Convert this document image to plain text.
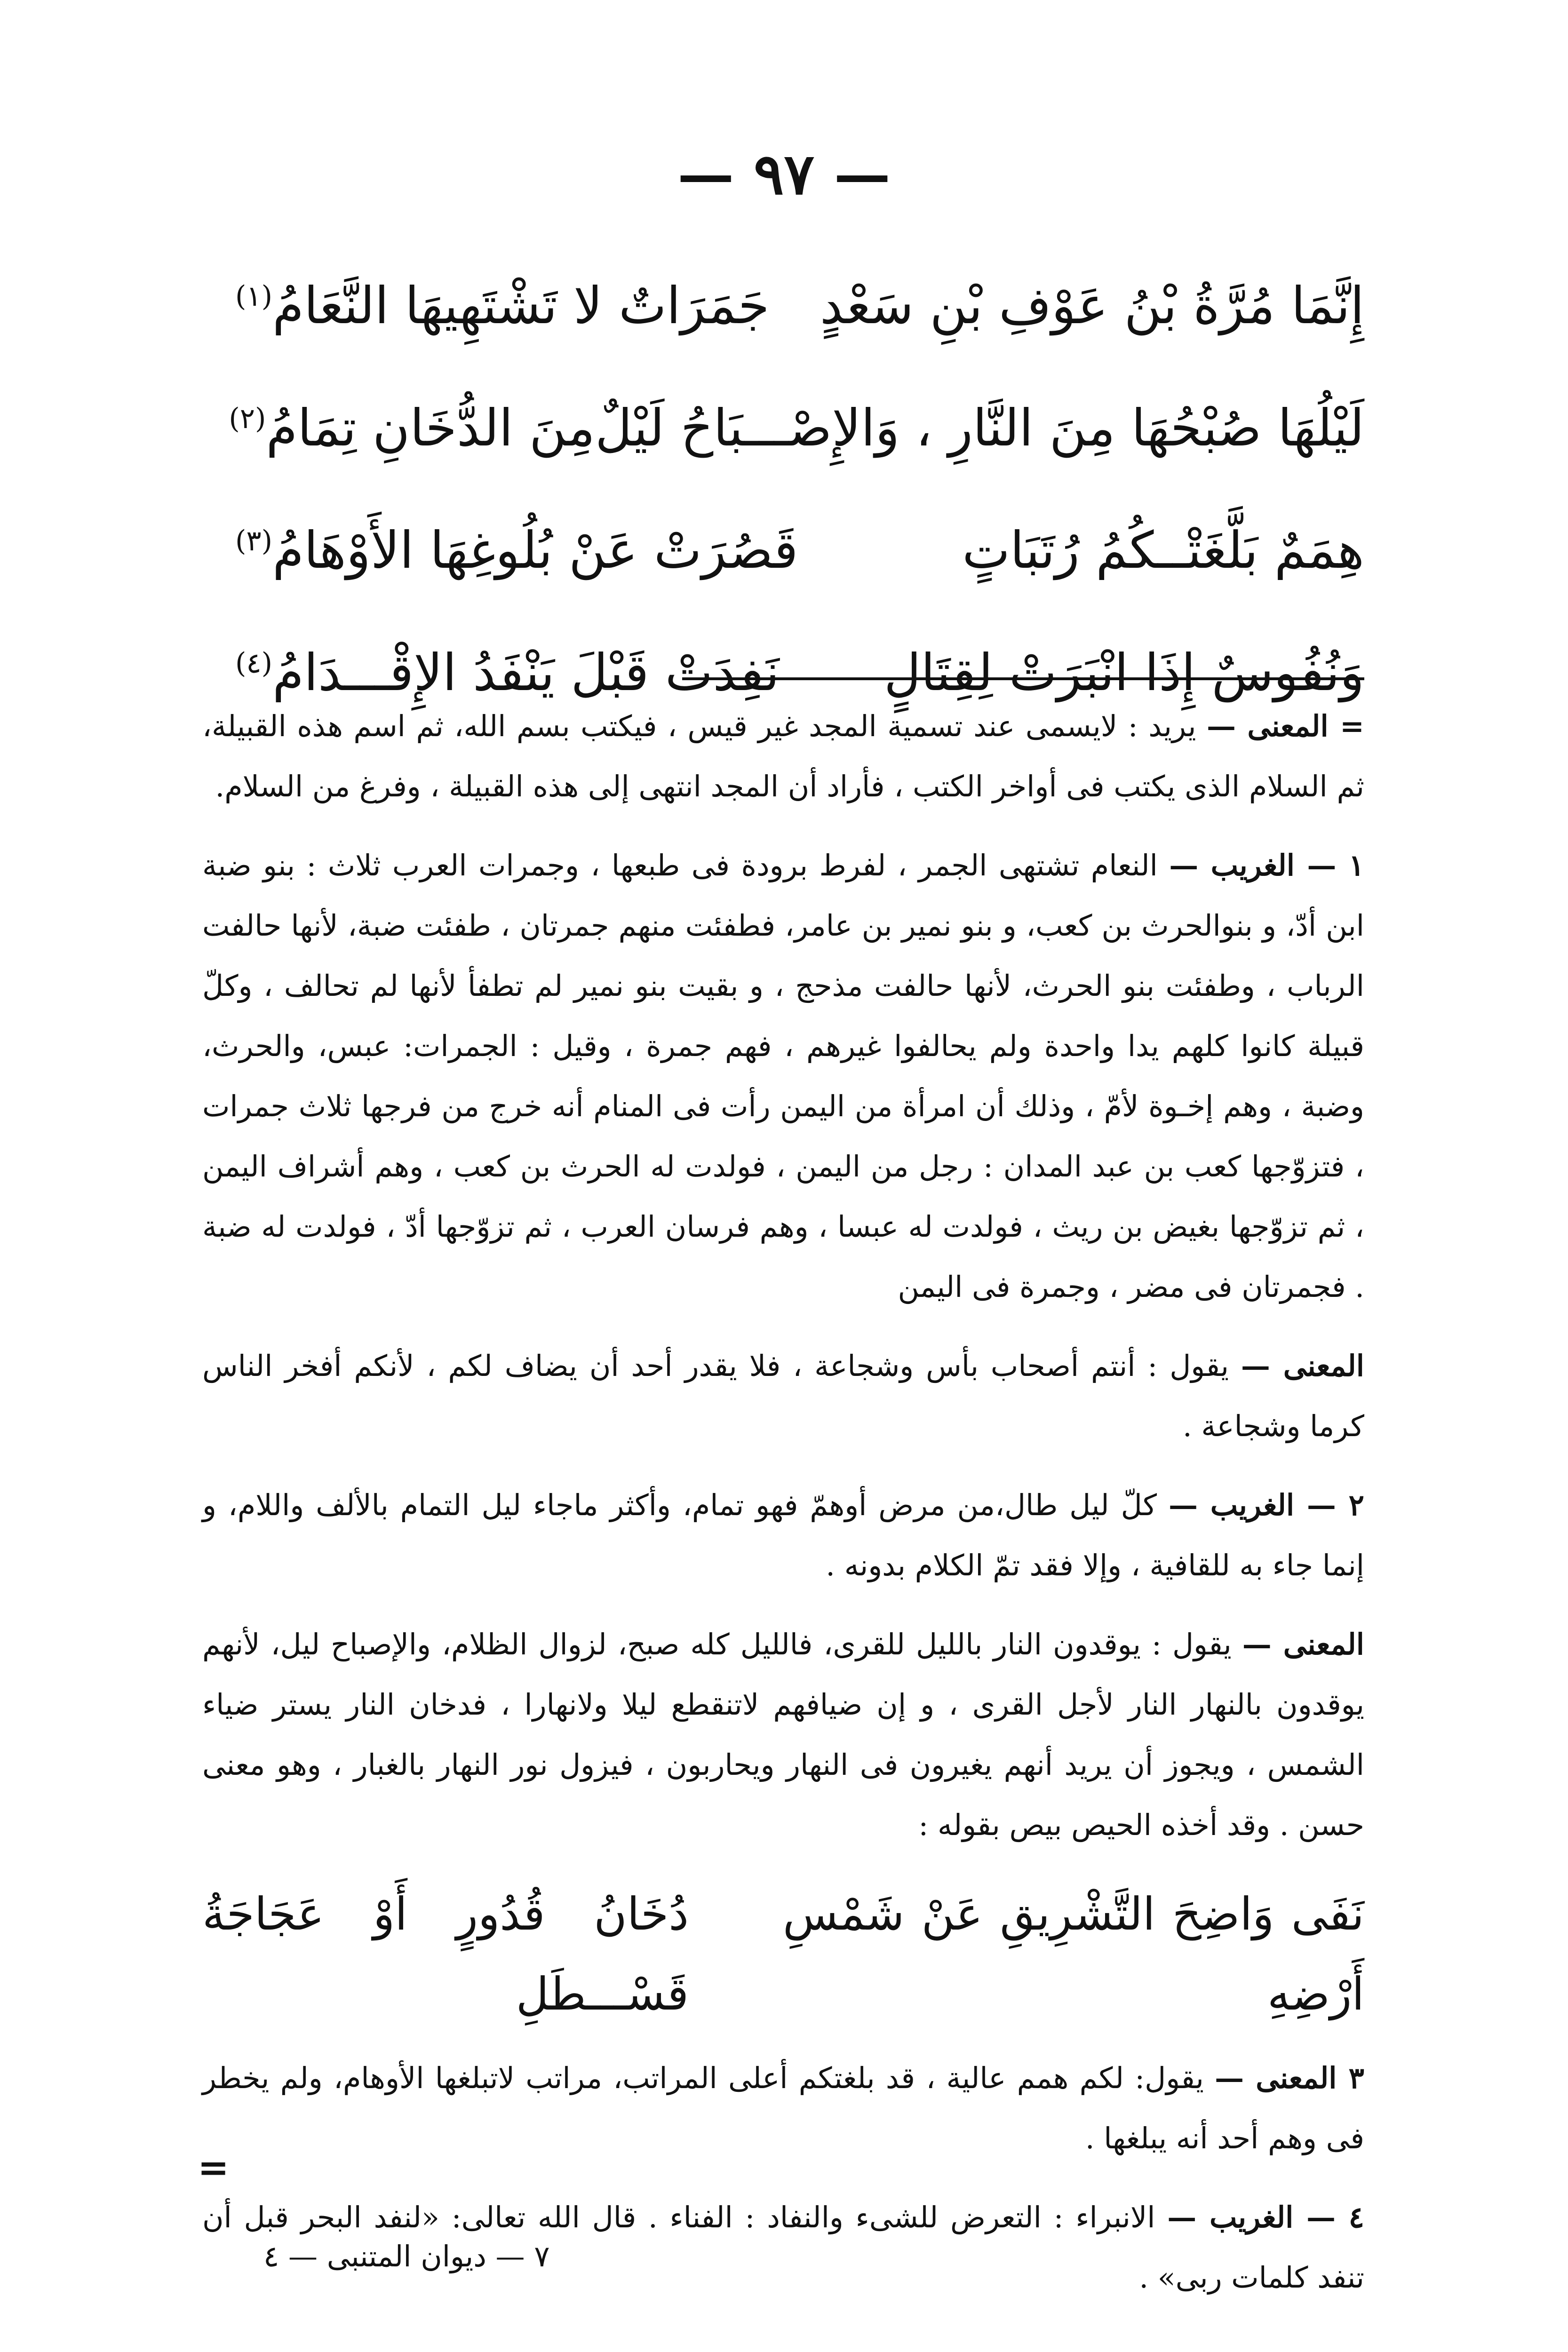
— ٩٧ —
إِنَّمَا مُرَّةُ بْنُ عَوْفِ بْنِ سَعْدٍ
جَمَرَاتٌ لا تَشْتَهِيهَا النَّعَامُ$^{(١)}$
لَيْلُهَا صُبْحُهَا مِنَ النَّارِ ، وَالإِصْـــبَاحُ لَيْلٌ
مِنَ الدُّخَانِ تِمَامُ$^{(٢)}$
هِمَمٌ بَلَّغَتْــكُمُ رُتَبَاتٍ
قَصُرَتْ عَنْ بُلُوغِهَا الأَوْهَامُ$^{(٣)}$
وَنُفُوسٌ إِذَا انْبَرَتْ لِقِتَالٍ
نَفِدَتْ قَبْلَ يَنْفَدُ الإِقْـــدَامُ$^{(٤)}$

= المعنى — يريد : لايسمى عند تسمية المجد غير قيس ، فيكتب بسم الله، ثم اسم هذه القبيلة، ثم السلام الذى يكتب فى أواخر الكتب ، فأراد أن المجد انتهى إلى هذه القبيلة ، وفرغ من السلام.

١ — الغريب — النعام تشتهى الجمر ، لفرط برودة فى طبعها ، وجمرات العرب ثلاث : بنو ضبة ابن أدّ، و بنوالحرث بن كعب، و بنو نمير بن عامر، فطفئت منهم جمرتان ، طفئت ضبة، لأنها حالفت الرباب ، وطفئت بنو الحرث، لأنها حالفت مذحج ، و بقيت بنو نمير لم تطفأ لأنها لم تحالف ، وكلّ قبيلة كانوا كلهم يدا واحدة ولم يحالفوا غيرهم ، فهم جمرة ، وقيل : الجمرات: عبس، والحرث، وضبة ، وهم إخـوة لأمّ ، وذلك أن امرأة من اليمن رأت فى المنام أنه خرج من فرجها ثلاث جمرات ، فتزوّجها كعب بن عبد المدان : رجل من اليمن ، فولدت له الحرث بن كعب ، وهم أشراف اليمن ، ثم تزوّجها بغيض بن ريث ، فولدت له عبسا ، وهم فرسان العرب ، ثم تزوّجها أدّ ، فولدت له ضبة . فجمرتان فى مضر ، وجمرة فى اليمن

المعنى — يقول : أنتم أصحاب بأس وشجاعة ، فلا يقدر أحد أن يضاف لكم ، لأنكم أفخر الناس كرما وشجاعة .

٢ — الغريب — كلّ ليل طال،من مرض أوهمّ فهو تمام، وأكثر ماجاء ليل التمام بالألف واللام، و إنما جاء به للقافية ، وإلا فقد تمّ الكلام بدونه .

المعنى — يقول : يوقدون النار بالليل للقرى، فالليل كله صبح، لزوال الظلام، والإصباح ليل، لأنهم يوقدون بالنهار النار لأجل القرى ، و إن ضيافهم لاتنقطع ليلا ولانهارا ، فدخان النار يستر ضياء الشمس ، ويجوز أن يريد أنهم يغيرون فى النهار ويحاربون ، فيزول نور النهار بالغبار ، وهو معنى حسن . وقد أخذه الحيص بيص بقوله :

نَفَى وَاضِحَ التَّشْرِيقِ عَنْ شَمْسِ أَرْضِهِ
دُخَانُ قُدُورٍ أَوْ عَجَاجَةُ قَسْـــطَلِ

٣ المعنى — يقول: لكم همم عالية ، قد بلغتكم أعلى المراتب، مراتب لاتبلغها الأوهام، ولم يخطر فى وهم أحد أنه يبلغها .

٤ — الغريب — الانبراء : التعرض للشىء والنفاد : الفناء . قال الله تعالى: «لنفد البحر قبل أن تنفد كلمات ربى» .

=
٧ — ديوان المتنبى — ٤
